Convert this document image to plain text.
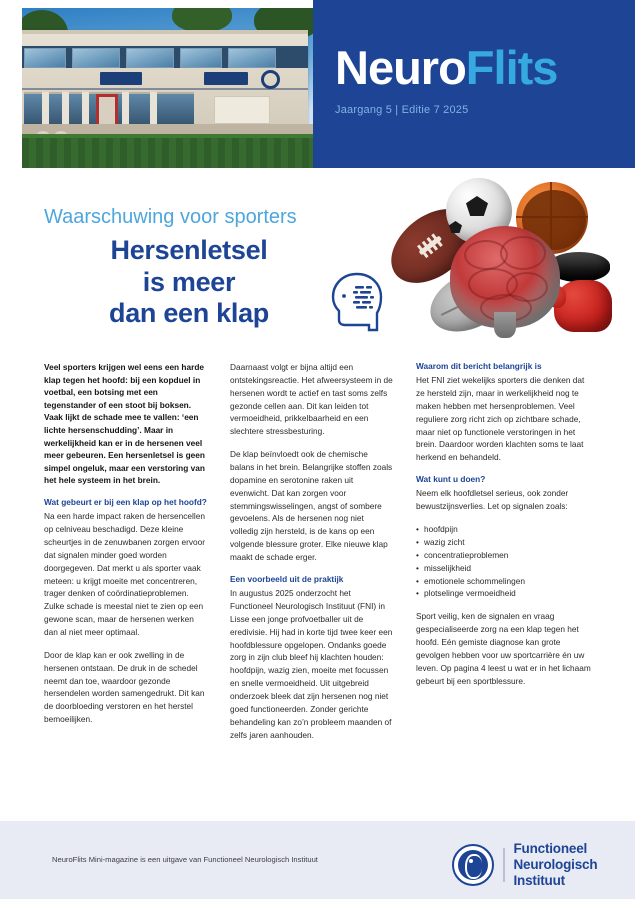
NeuroFlits
Jaargang 5 | Editie 7 2025
Waarschuwing voor sporters
Hersenletsel
is meer
dan een klap

Veel sporters krijgen wel eens een harde klap tegen het hoofd: bij een kopduel in voetbal, een botsing met een tegenstander of een stoot bij boksen. Vaak lijkt de schade mee te vallen: ‘een lichte hersenschudding’. Maar in werkelijkheid kan er in de hersenen veel meer gebeuren. Een hersenletsel is geen simpel ongeluk, maar een verstoring van het hele systeem in het brein.

Wat gebeurt er bij een klap op het hoofd?

Na een harde impact raken de hersencellen op celniveau beschadigd. Deze kleine scheurtjes in de zenuwbanen zorgen ervoor dat signalen minder goed worden doorgegeven. Dat merkt u als sporter vaak meteen: u krijgt moeite met concentreren, trager denken of coördinatieproblemen. Zulke schade is meestal niet te zien op een gewone scan, maar de hersenen werken dan al niet meer optimaal.

Door de klap kan er ook zwelling in de hersenen ontstaan. De druk in de schedel neemt dan toe, waardoor gezonde hersendelen worden samengedrukt. Dit kan de doorbloeding verstoren en het herstel bemoeilijken.

Daarnaast volgt er bijna altijd een ontstekingsreactie. Het afweersysteem in de hersenen wordt te actief en tast soms zelfs gezonde cellen aan. Dit kan leiden tot vermoeidheid, prikkelbaarheid en een slechtere stressbesturing.

De klap beïnvloedt ook de chemische balans in het brein. Belangrijke stoffen zoals dopamine en serotonine raken uit evenwicht. Dat kan zorgen voor stemmingswisselingen, angst of sombere gevoelens. Als de hersenen nog niet volledig zijn hersteld, is de kans op een volgende blessure groter. Elke nieuwe klap maakt de schade erger.

Een voorbeeld uit de praktijk

In augustus 2025 onderzocht het Functioneel Neurologisch Instituut (FNI) in Lisse een jonge profvoetballer uit de eredivisie. Hij had in korte tijd twee keer een hoofdblessure opgelopen. Ondanks goede zorg in zijn club bleef hij klachten houden: hoofdpijn, wazig zien, moeite met focussen en snelle vermoeidheid. Uit uitgebreid onderzoek bleek dat zijn hersenen nog niet goed functioneerden. Zonder gerichte behandeling kan zo’n probleem maanden of zelfs jaren aanhouden.

Waarom dit bericht belangrijk is

Het FNI ziet wekelijks sporters die denken dat ze hersteld zijn, maar in werkelijkheid nog te maken hebben met hersenproblemen. Veel reguliere zorg richt zich op zichtbare schade, maar niet op functionele verstoringen in het brein. Daardoor worden klachten soms te laat herkend en behandeld.

Wat kunt u doen?

Neem elk hoofdletsel serieus, ook zonder bewustzijnsverlies. Let op signalen zoals:

• hoofdpijn
• wazig zicht
• concentratieproblemen
• misselijkheid
• emotionele schommelingen
• plotselinge vermoeidheid

Sport veilig, ken de signalen en vraag gespecialiseerde zorg na een klap tegen het hoofd. Eén gemiste diagnose kan grote gevolgen hebben voor uw sportcarrière én uw leven. Op pagina 4 leest u wat er in het lichaam gebeurt bij een sportblessure.

NeuroFlits Mini-magazine is een uitgave van Functioneel Neurologisch Instituut
Functioneel
Neurologisch
Instituut
